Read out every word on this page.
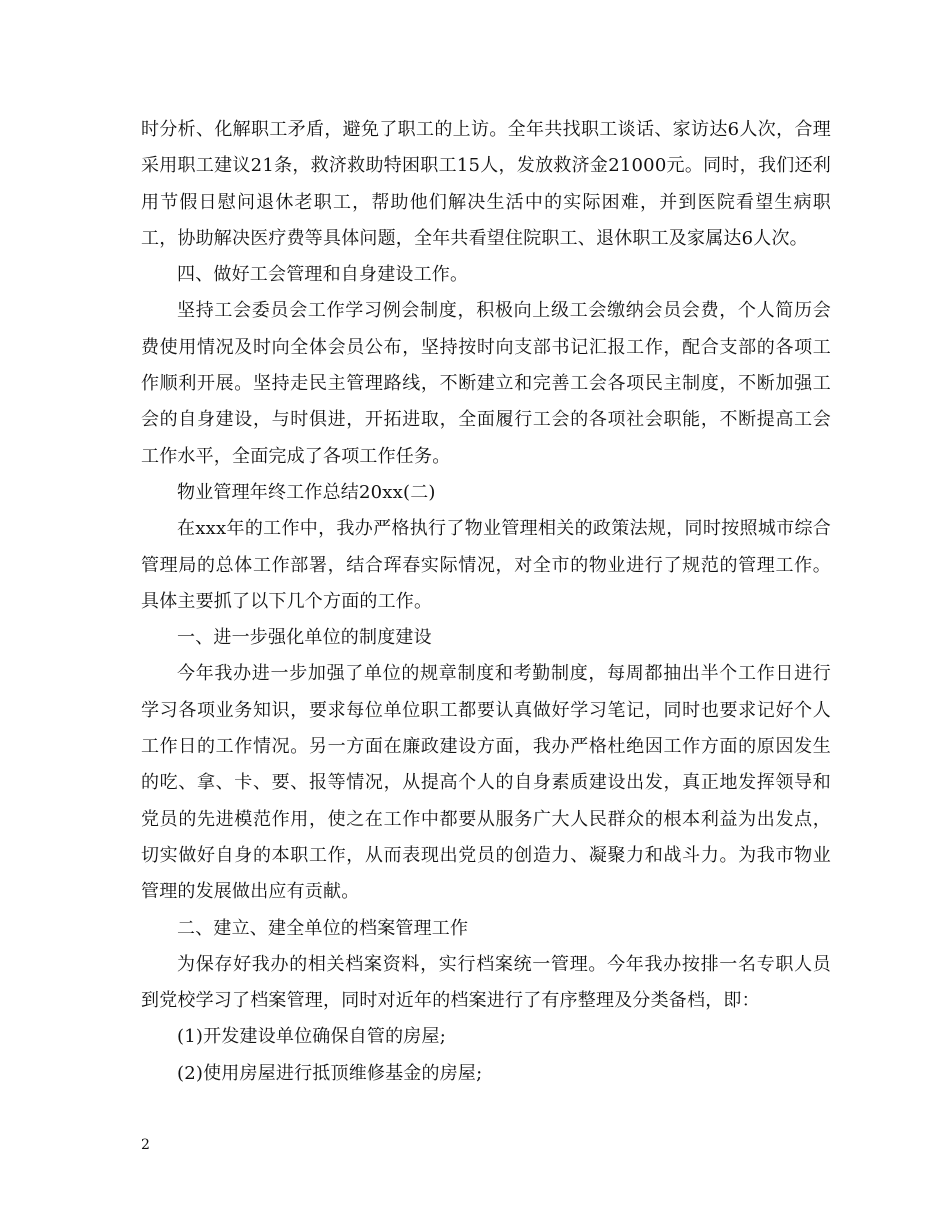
时分析、化解职工矛盾，避免了职工的上访。全年共找职工谈话、家访达6人次，合理采用职工建议21条，救济救助特困职工15人，发放救济金21000元。同时，我们还利用节假日慰问退休老职工，帮助他们解决生活中的实际困难，并到医院看望生病职工，协助解决医疗费等具体问题，全年共看望住院职工、退休职工及家属达6人次。

四、做好工会管理和自身建设工作。

坚持工会委员会工作学习例会制度，积极向上级工会缴纳会员会费，个人简历会费使用情况及时向全体会员公布，坚持按时向支部书记汇报工作，配合支部的各项工作顺利开展。坚持走民主管理路线，不断建立和完善工会各项民主制度，不断加强工会的自身建设，与时俱进，开拓进取，全面履行工会的各项社会职能，不断提高工会工作水平，全面完成了各项工作任务。

物业管理年终工作总结20xx(二)

在xxx年的工作中，我办严格执行了物业管理相关的政策法规，同时按照城市综合管理局的总体工作部署，结合珲春实际情况，对全市的物业进行了规范的管理工作。具体主要抓了以下几个方面的工作。

一、进一步强化单位的制度建设

今年我办进一步加强了单位的规章制度和考勤制度，每周都抽出半个工作日进行学习各项业务知识，要求每位单位职工都要认真做好学习笔记，同时也要求记好个人工作日的工作情况。另一方面在廉政建设方面，我办严格杜绝因工作方面的原因发生的吃、拿、卡、要、报等情况，从提高个人的自身素质建设出发，真正地发挥领导和党员的先进模范作用，使之在工作中都要从服务广大人民群众的根本利益为出发点，切实做好自身的本职工作，从而表现出党员的创造力、凝聚力和战斗力。为我市物业管理的发展做出应有贡献。

二、建立、建全单位的档案管理工作

为保存好我办的相关档案资料，实行档案统一管理。今年我办按排一名专职人员到党校学习了档案管理，同时对近年的档案进行了有序整理及分类备档，即：

(1)开发建设单位确保自管的房屋;

(2)使用房屋进行抵顶维修基金的房屋;

2
